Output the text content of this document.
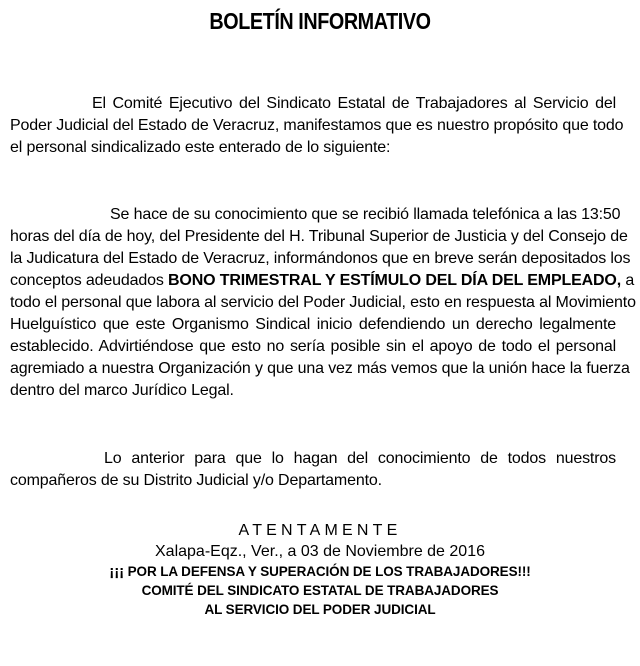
BOLETÍN INFORMATIVO
El Comité Ejecutivo del Sindicato Estatal de Trabajadores al Servicio del
Poder Judicial del Estado de Veracruz, manifestamos que es nuestro propósito que todo
el personal sindicalizado este enterado de lo siguiente:
Se hace de su conocimiento que se recibió llamada telefónica a las 13:50
horas del día de hoy, del Presidente del H. Tribunal Superior de Justicia y del Consejo de
la Judicatura del Estado de Veracruz, informándonos que en breve serán depositados los
conceptos adeudados BONO TRIMESTRAL Y ESTÍMULO DEL DÍA DEL EMPLEADO, a
todo el personal que labora al servicio del Poder Judicial, esto en respuesta al Movimiento
Huelguístico que este Organismo Sindical inicio defendiendo un derecho legalmente
establecido. Advirtiéndose que esto no sería posible sin el apoyo de todo el personal
agremiado a nuestra Organización y que una vez más vemos que la unión hace la fuerza
dentro del marco Jurídico Legal.
Lo anterior para que lo hagan del conocimiento de todos nuestros
compañeros de su Distrito Judicial y/o Departamento.
ATENTAMENTE
Xalapa-Eqz., Ver., a 03 de Noviembre de 2016
¡¡¡ POR LA DEFENSA Y SUPERACIÓN DE LOS TRABAJADORES!!!
COMITÉ DEL SINDICATO ESTATAL DE TRABAJADORES
AL SERVICIO DEL PODER JUDICIAL
